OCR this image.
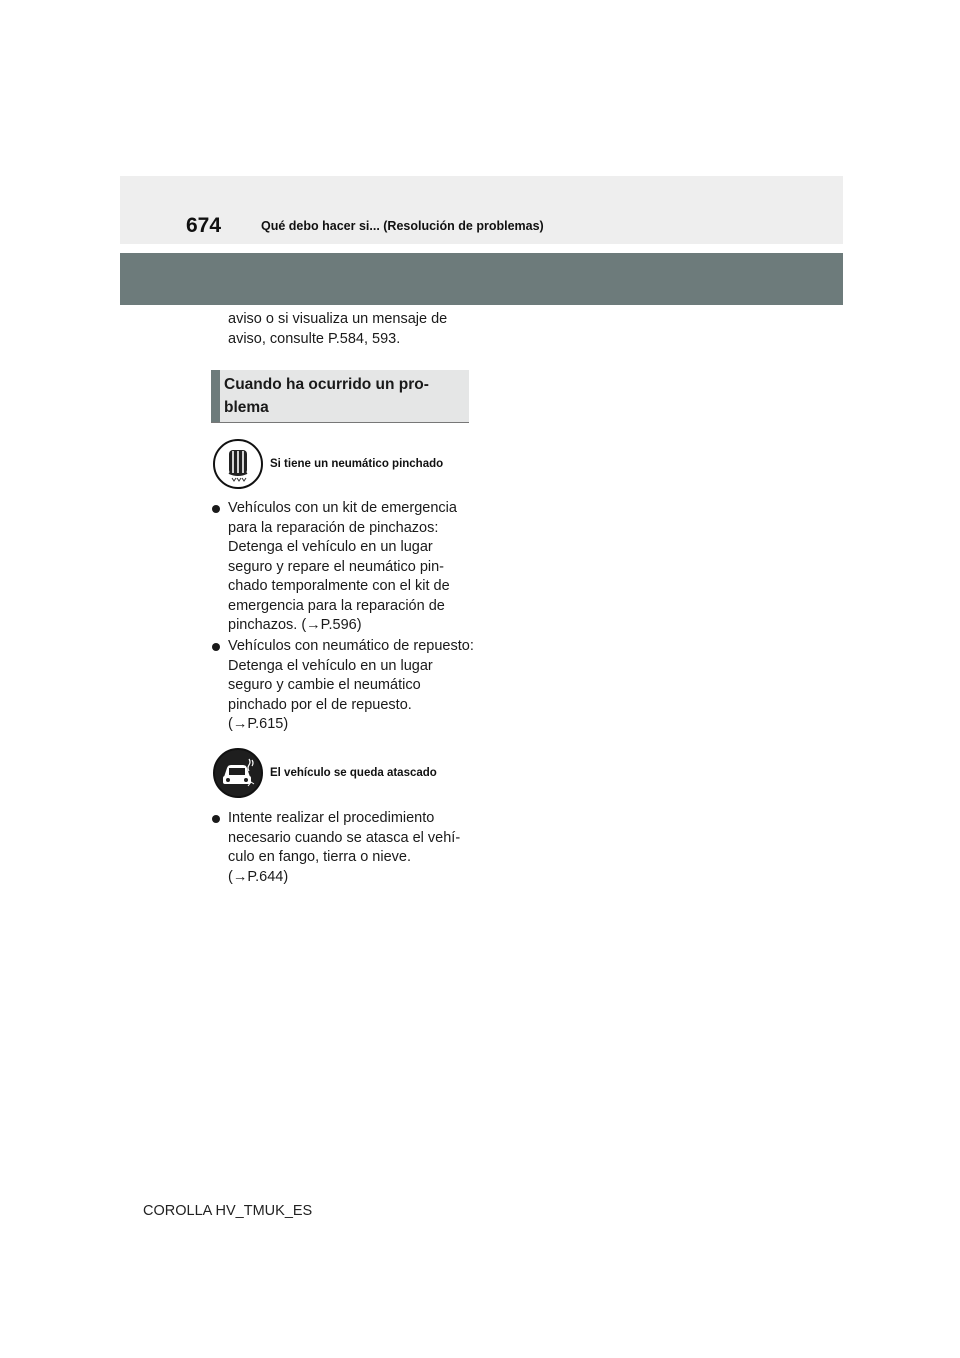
674	Qué debo hacer si... (Resolución de problemas)
aviso o si visualiza un mensaje de aviso, consulte P.584, 593.
Cuando ha ocurrido un pro-blema
Si tiene un neumático pinchado
Vehículos con un kit de emergencia para la reparación de pinchazos: Detenga el vehículo en un lugar seguro y repare el neumático pin-chado temporalmente con el kit de emergencia para la reparación de pinchazos. (→P.596)
Vehículos con neumático de repuesto: Detenga el vehículo en un lugar seguro y cambie el neumático pinchado por el de repuesto. (→P.615)
El vehículo se queda atascado
Intente realizar el procedimiento necesario cuando se atasca el vehí-culo en fango, tierra o nieve. (→P.644)
COROLLA HV_TMUK_ES
